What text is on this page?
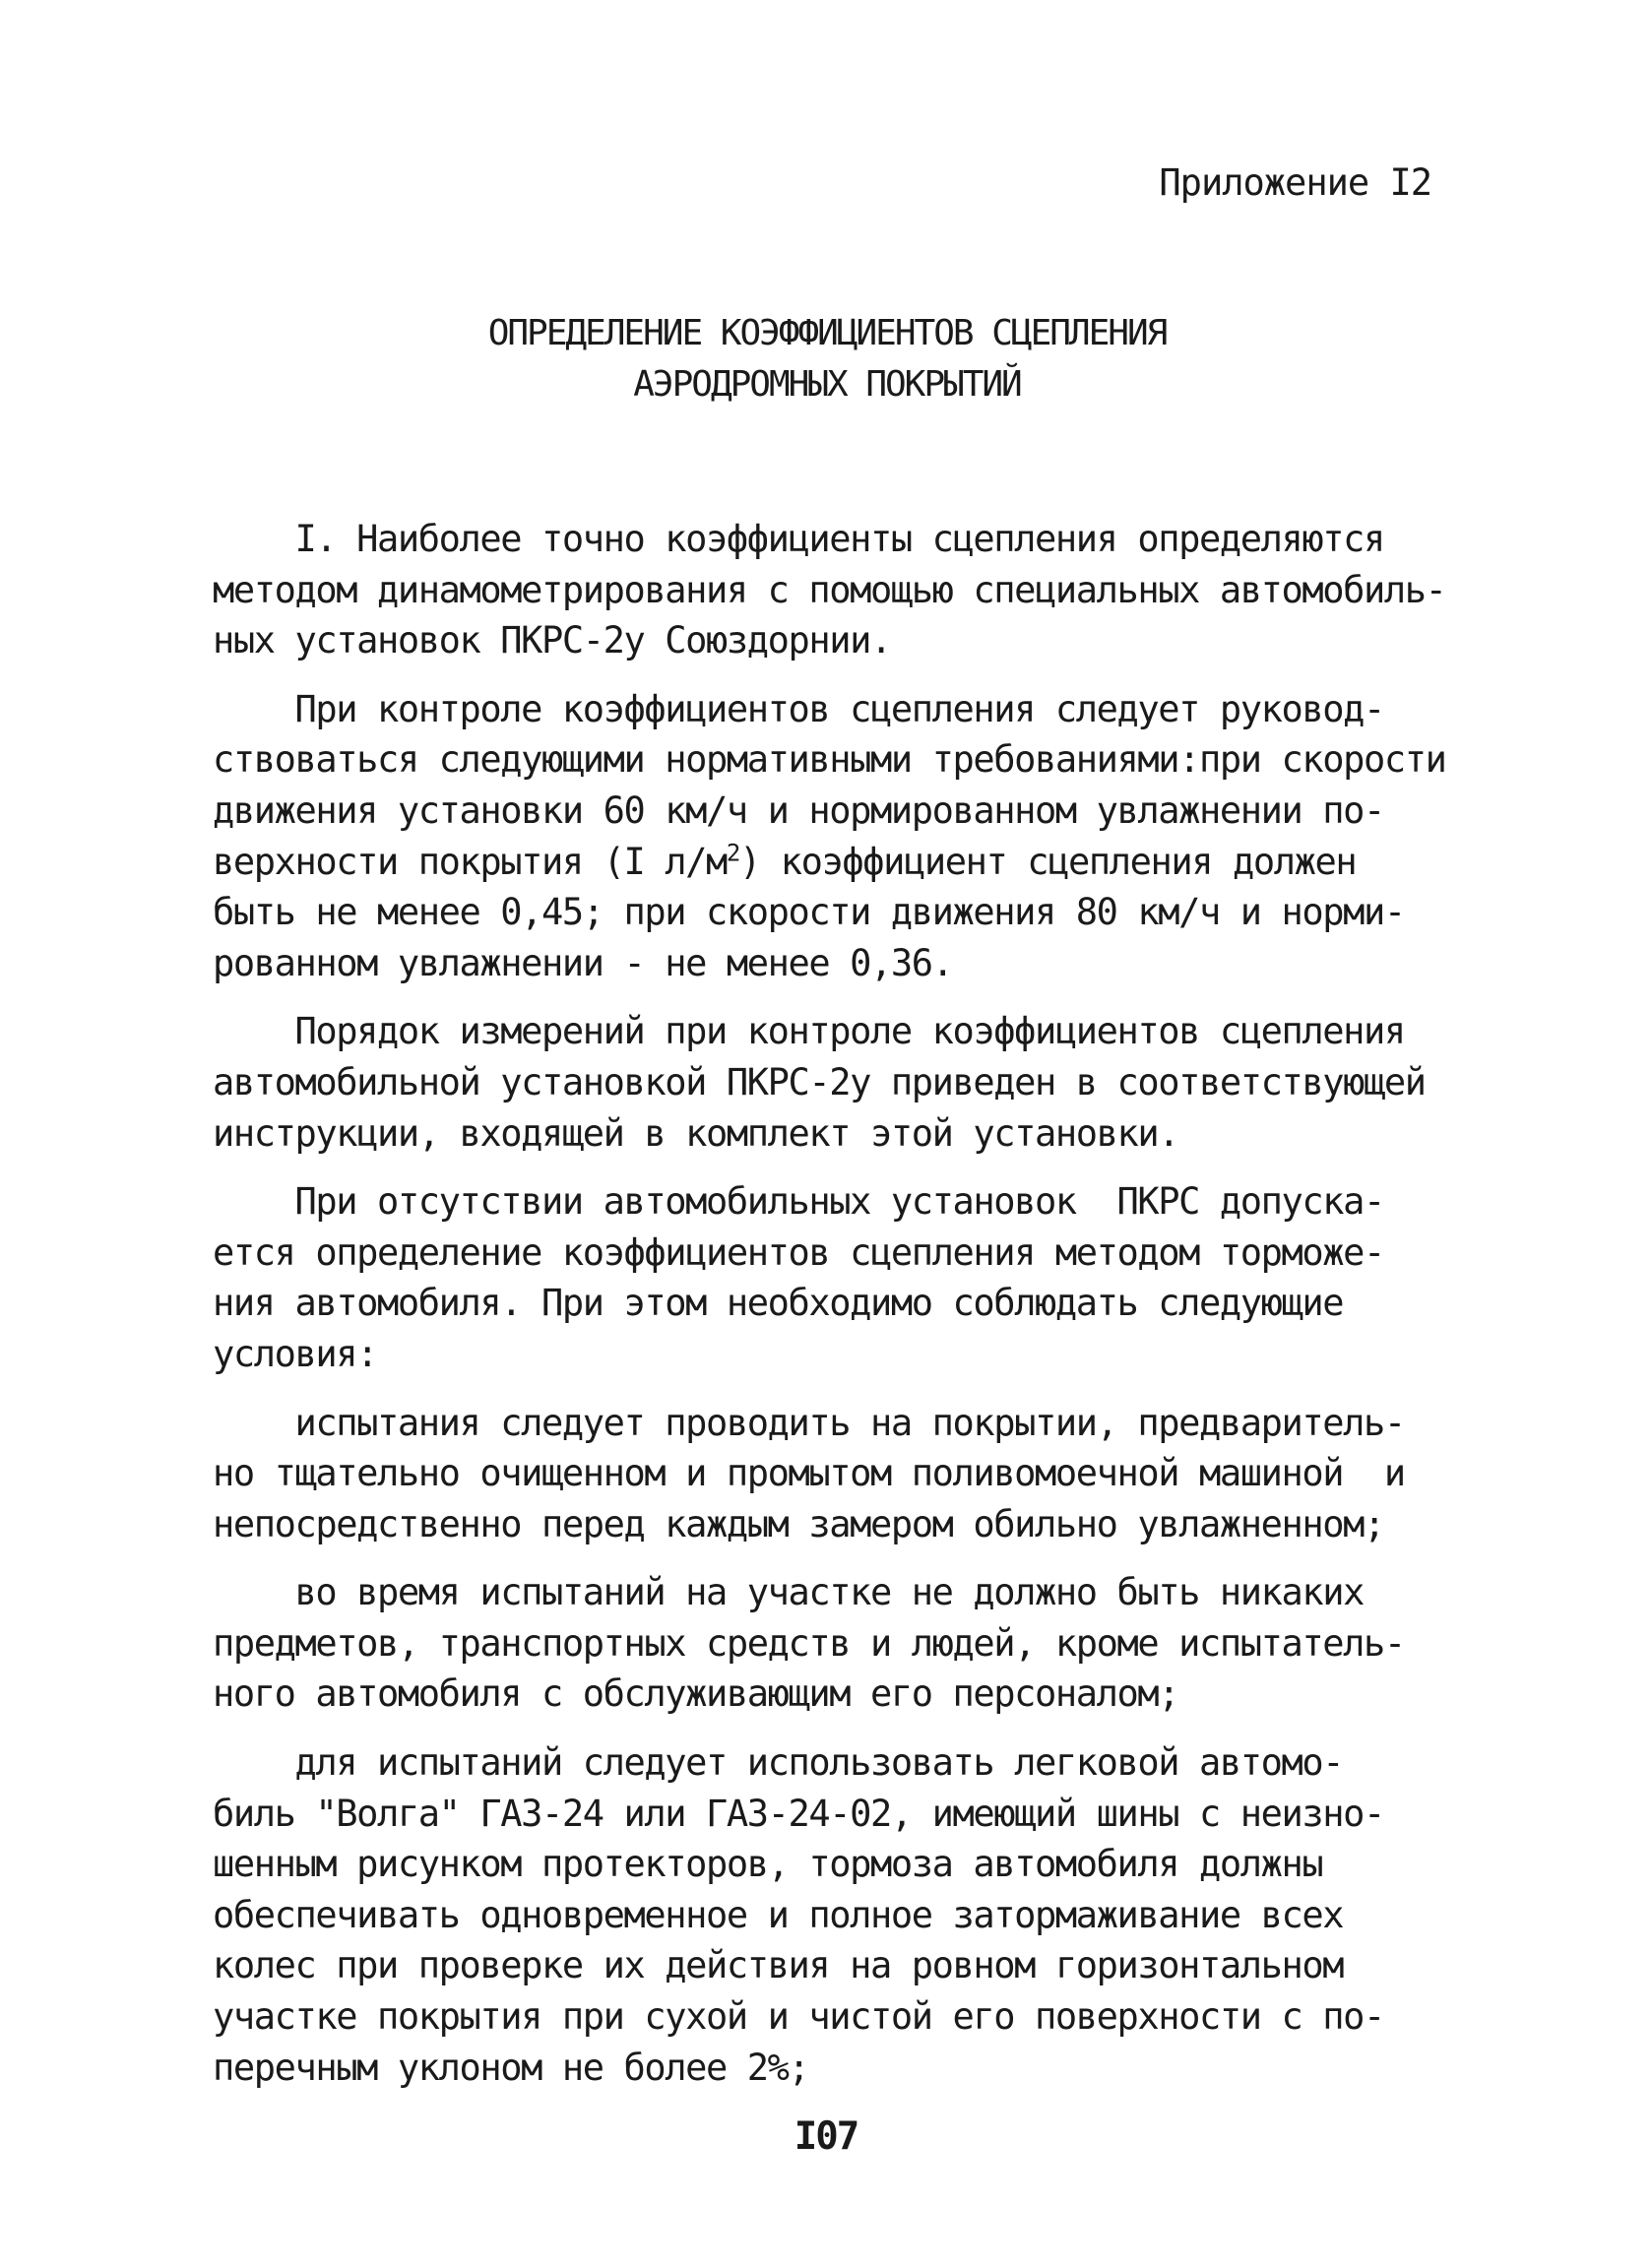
Приложение I2
ОПРЕДЕЛЕНИЕ КОЭФФИЦИЕНТОВ СЦЕПЛЕНИЯ
АЭРОДРОМНЫХ ПОКРЫТИЙ
I. Наиболее точно коэффициенты сцепления определяются
методом динамометрирования с помощью специальных автомобиль-
ных установок ПКРС-2у Союздорнии.
При контроле коэффициентов сцепления следует руковод-
ствоваться следующими нормативными требованиями:при скорости
движения установки 60 км/ч и нормированном увлажнении по-
верхности покрытия (I $л/м^2$) коэффициент сцепления должен
быть не менее 0,45; при скорости движения 80 км/ч и норми-
рованном увлажнении - не менее 0,36.
Порядок измерений при контроле коэффициентов сцепления
автомобильной установкой ПКРС-2у приведен в соответствующей
инструкции, входящей в комплект этой установки.
При отсутствии автомобильных установок  ПКРС допуска-
ется определение коэффициентов сцепления методом торможе-
ния автомобиля. При этом необходимо соблюдать следующие
условия:
испытания следует проводить на покрытии, предваритель-
но тщательно очищенном и промытом поливомоечной машиной  и
непосредственно перед каждым замером обильно увлажненном;
во время испытаний на участке не должно быть никаких
предметов, транспортных средств и людей, кроме испытатель-
ного автомобиля с обслуживающим его персоналом;
для испытаний следует использовать легковой автомо-
биль "Волга" ГАЗ-24 или ГАЗ-24-02, имеющий шины с неизно-
шенным рисунком протекторов, тормоза автомобиля должны
обеспечивать одновременное и полное затормаживание всех
колес при проверке их действия на ровном горизонтальном
участке покрытия при сухой и чистой его поверхности с по-
перечным уклоном не более 2%;
I07
